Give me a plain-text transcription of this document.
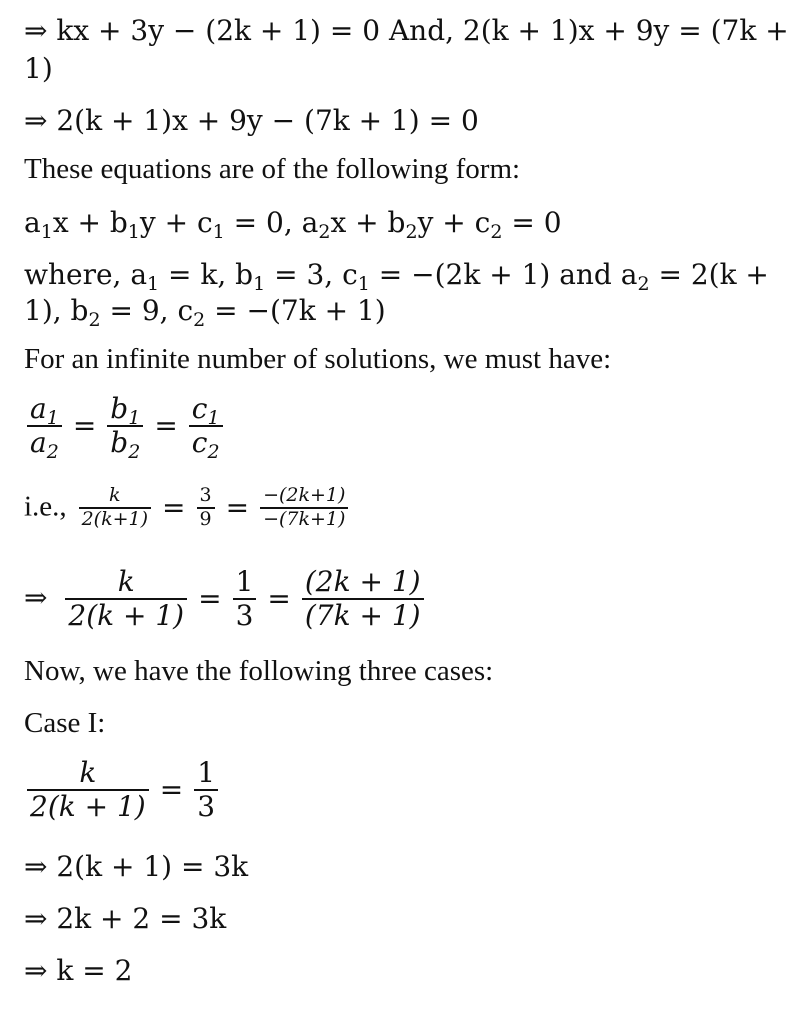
⇒ kx + 3y − (2k + 1) = 0 And, 2(k + 1)x + 9y = (7k +
1)
⇒ 2(k + 1)x + 9y − (7k + 1) = 0
These equations are of the following form:
$a_1x + b_1y + c_1 = 0$, $a_2x + b_2y + c_2 = 0$
where, $a_1 = k$, $b_1 = 3$, $c_1 = -(2k + 1)$ and $a_2 = 2(k$ +
1), $b_2 = 9$, $c_2 = -(7k + 1)$
For an infinite number of solutions, we must have:
$\frac{a_1}{a_2} = \frac{b_1}{b_2} = \frac{c_1}{c_2}$
i.e., $\frac{k}{2(k+1)} = \frac{3}{9} = \frac{-(2k+1)}{-(7k+1)}$
⇒ $\frac{k}{2(k + 1)} = \frac{1}{3} = \frac{(2k + 1)}{(7k + 1)}$
Now, we have the following three cases:
Case I:
$\frac{k}{2(k + 1)} = \frac{1}{3}$
⇒ 2(k + 1) = 3k
⇒ 2k + 2 = 3k
⇒ k = 2
